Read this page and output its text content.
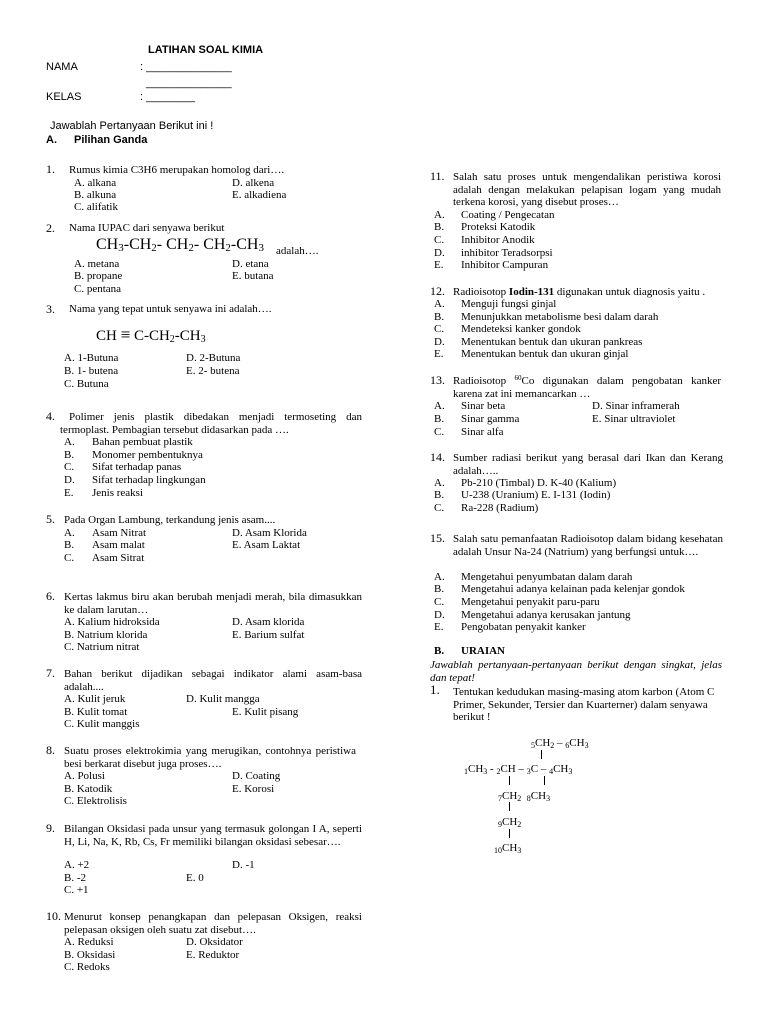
LATIHAN SOAL KIMIA
NAMA	: ______________
______________
KELAS	: ________
Jawablah Pertanyaan Berikut ini !
A. Pilihan Ganda
1. Rumus kimia C3H6 merupakan homolog dari….
A. alkana
B. alkuna
C. alifatik
D. alkena
E. alkadiena
2. Nama IUPAC dari senyawa berikut
$CH_3-CH_2-$ $CH_2-$ $CH_2-CH_3$ adalah….
A. metana
B. propane
C. pentana
D. etana
E. butana
3. Nama yang tepat untuk senyawa ini adalah….
CH ≡ $C-CH_2-CH_3$
A. 1-Butuna
B. 1- butena
C. Butuna
D. 2-Butuna
E. 2- butena
4.	Polimer jenis plastik dibedakan menjadi termoseting dan termoplast. Pembagian tersebut didasarkan pada ….
A. Bahan pembuat plastik
B. Monomer pembentuknya
C. Sifat terhadap panas
D. Sifat terhadap lingkungan
E. Jenis reaksi
5. Pada Organ Lambung, terkandung jenis asam....
A. Asam Nitrat
B. Asam malat
C. Asam Sitrat
D. Asam Klorida
E. Asam Laktat
6. Kertas lakmus biru akan berubah menjadi merah, bila dimasukkan ke dalam larutan…
A. Kalium hidroksida
B. Natrium klorida
C. Natrium nitrat
D. Asam klorida
E. Barium sulfat
7. Bahan berikut dijadikan sebagai indikator alami asam-basa adalah....
A. Kulit jeruk
B. Kulit tomat
C. Kulit manggis
D. Kulit mangga
E. Kulit pisang
8. Suatu proses elektrokimia yang merugikan, contohnya peristiwa besi berkarat disebut juga proses….
A. Polusi
B. Katodik
C. Elektrolisis
D. Coating
E. Korosi
9. Bilangan Oksidasi pada unsur yang termasuk golongan I A, seperti H, Li, Na, K, Rb, Cs, Fr memiliki bilangan oksidasi sebesar….
A. +2
B. -2
C. +1
D. -1
E. 0
10. Menurut konsep penangkapan dan pelepasan Oksigen, reaksi pelepasan oksigen oleh suatu zat disebut….
A. Reduksi
B. Oksidasi
C. Redoks
D. Oksidator
E. Reduktor
11. Salah satu proses untuk mengendalikan peristiwa korosi adalah dengan melakukan pelapisan logam yang mudah terkena korosi, yang disebut proses…
A. Coating / Pengecatan
B. Proteksi Katodik
C. Inhibitor Anodik
D. inhibitor Teradsorpsi
E. Inhibitor Campuran
12. Radioisotop Iodin-131 digunakan untuk diagnosis yaitu .
A. Menguji fungsi ginjal
B. Menunjukkan metabolisme besi dalam darah
C. Mendeteksi kanker gondok
D. Menentukan bentuk dan ukuran pankreas
E. Menentukan bentuk dan ukuran ginjal
13. Radioisotop $^{60}$Co digunakan dalam pengobatan kanker karena zat ini memancarkan …
A. Sinar beta
B. Sinar gamma
C. Sinar alfa
D. Sinar inframerah
E. Sinar ultraviolet
14. Sumber radiasi berikut yang berasal dari Ikan dan Kerang adalah…..
A. Pb-210 (Timbal) D. K-40 (Kalium)
B. U-238 (Uranium) E. I-131 (Iodin)
C. Ra-228 (Radium)
15. Salah satu pemanfaatan Radioisotop dalam bidang kesehatan adalah Unsur Na-24 (Natrium) yang berfungsi untuk….
A. Mengetahui penyumbatan dalam darah
B. Mengetahui adanya kelainan pada kelenjar gondok
C. Mengetahui penyakit paru-paru
D. Mengetahui adanya kerusakan jantung
E. Pengobatan penyakit kanker
B. URAIAN
Jawablah pertanyaan-pertanyaan berikut dengan singkat, jelas dan tepat!
1. Tentukan kedudukan masing-masing atom karbon (Atom C Primer, Sekunder, Tersier dan Kuarterner) dalam senyawa berikut !
$_5CH_2 - _6CH_3$
$_1CH_3 - _2CH - _3C - _4CH_3$
$_7CH_2$ $_8CH_3$
$_9CH_2$
$_{10}CH_3$
